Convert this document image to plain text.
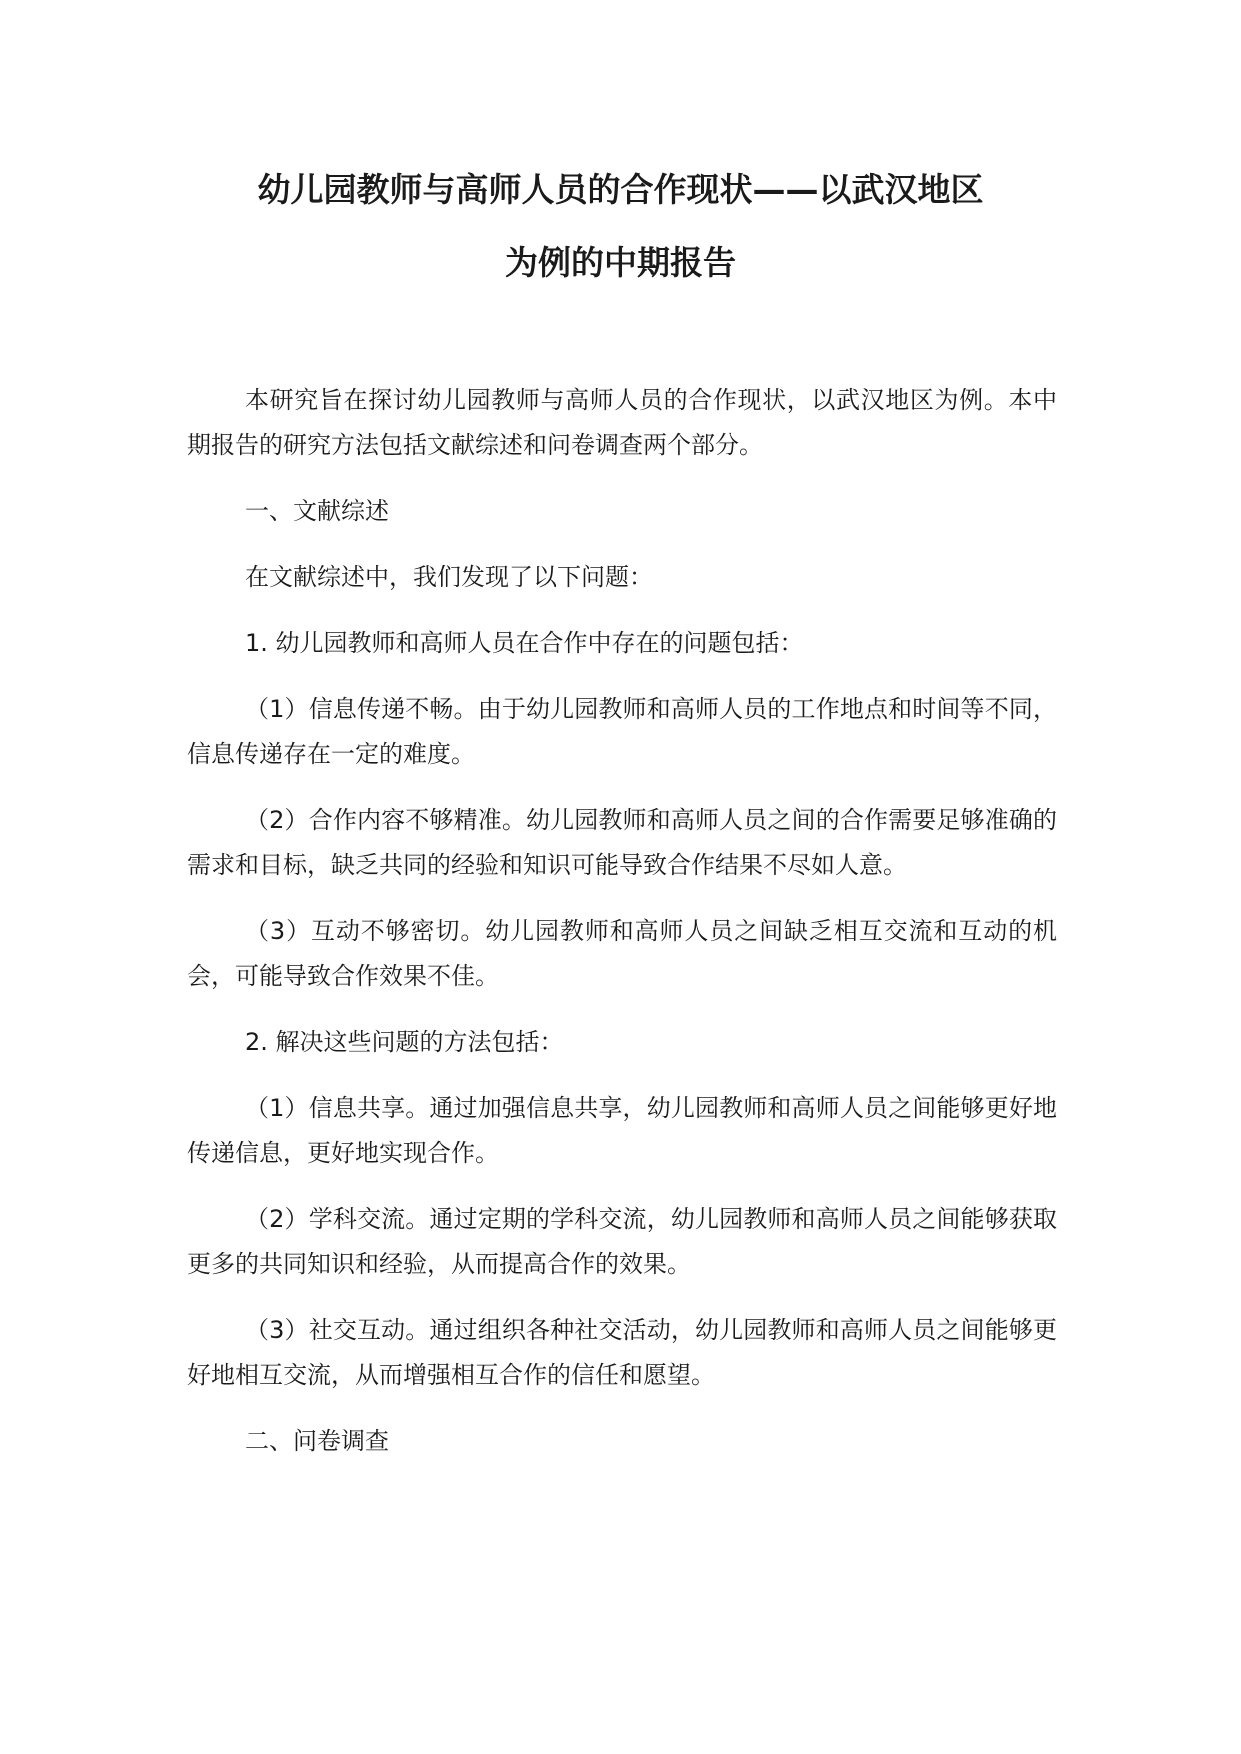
幼儿园教师与高师人员的合作现状——以武汉地区

为例的中期报告

本研究旨在探讨幼儿园教师与高师人员的合作现状，以武汉地区为例。本中期报告的研究方法包括文献综述和问卷调查两个部分。

一、文献综述

在文献综述中，我们发现了以下问题：

1. 幼儿园教师和高师人员在合作中存在的问题包括：

（1）信息传递不畅。由于幼儿园教师和高师人员的工作地点和时间等不同，信息传递存在一定的难度。

（2）合作内容不够精准。幼儿园教师和高师人员之间的合作需要足够准确的需求和目标，缺乏共同的经验和知识可能导致合作结果不尽如人意。

（3）互动不够密切。幼儿园教师和高师人员之间缺乏相互交流和互动的机会，可能导致合作效果不佳。

2. 解决这些问题的方法包括：

（1）信息共享。通过加强信息共享，幼儿园教师和高师人员之间能够更好地传递信息，更好地实现合作。

（2）学科交流。通过定期的学科交流，幼儿园教师和高师人员之间能够获取更多的共同知识和经验，从而提高合作的效果。

（3）社交互动。通过组织各种社交活动，幼儿园教师和高师人员之间能够更好地相互交流，从而增强相互合作的信任和愿望。

二、问卷调查
